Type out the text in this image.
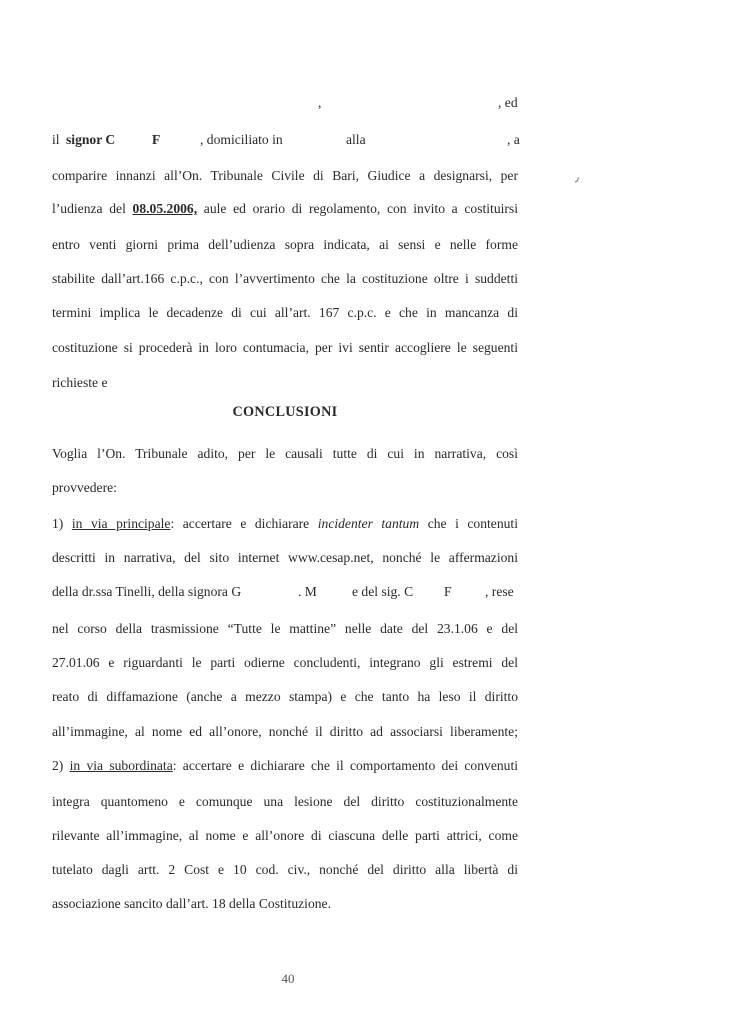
,	, ed
il signor C	F	, domiciliato in	alla	, a
comparire innanzi all’On. Tribunale Civile di Bari, Giudice a designarsi, per
l’udienza del 08.05.2006, aule ed orario di regolamento, con invito a costituirsi
entro venti giorni prima dell’udienza sopra indicata, ai sensi e nelle forme
stabilite dall’art.166 c.p.c., con l’avvertimento che la costituzione oltre i suddetti
termini implica le decadenze di cui all’art. 167 c.p.c. e che in mancanza di
costituzione si procederà in loro contumacia, per ivi sentir accogliere le seguenti
richieste e
CONCLUSIONI
Voglia l’On. Tribunale adito, per le causali tutte di cui in narrativa, così
provvedere:
1) in via principale: accertare e dichiarare incidenter tantum che i contenuti
descritti in narrativa, del sito internet www.cesap.net, nonché le affermazioni
della dr.ssa Tinelli, della signora G	. M	e del sig. C F , rese
nel corso della trasmissione “Tutte le mattine” nelle date del 23.1.06 e del
27.01.06 e riguardanti le parti odierne concludenti, integrano gli estremi del
reato di diffamazione (anche a mezzo stampa) e che tanto ha leso il diritto
all’immagine, al nome ed all’onore, nonché il diritto ad associarsi liberamente;
2) in via subordinata: accertare e dichiarare che il comportamento dei convenuti
integra quantomeno e comunque una lesione del diritto costituzionalmente
rilevante all’immagine, al nome e all’onore di ciascuna delle parti attrici, come
tutelato dagli artt. 2 Cost e 10 cod. civ., nonché del diritto alla libertà di
associazione sancito dall’art. 18 della Costituzione.
40
٫
